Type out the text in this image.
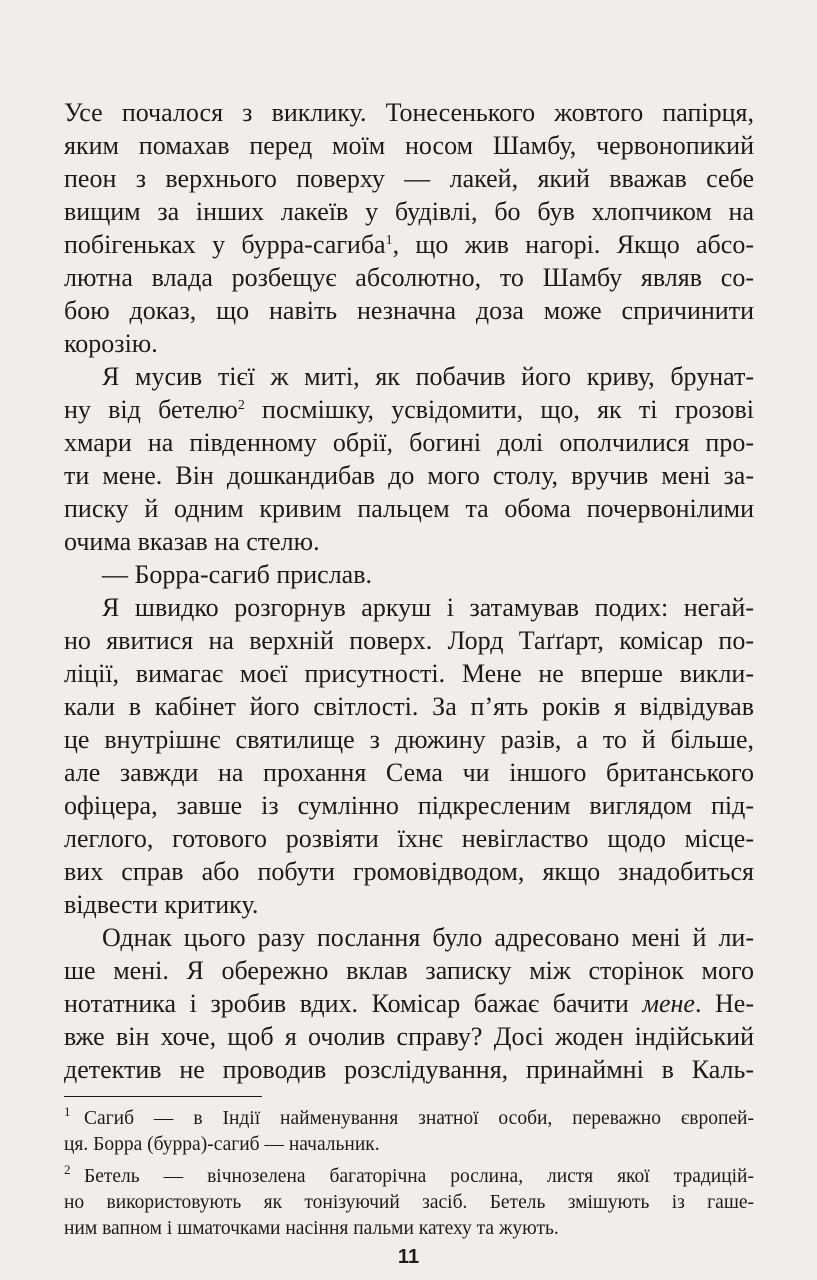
Усе почалося з виклику. Тонесенького жовтого папірця,
яким помахав перед моїм носом Шамбу, червонопикий
пеон з верхнього поверху — лакей, який вважав себе
вищим за інших лакеїв у будівлі, бо був хлопчиком на
побігеньках у бурра-сагиба$^1$, що жив нагорі. Якщо абсо-
лютна влада розбещує абсолютно, то Шамбу являв со-
бою доказ, що навіть незначна доза може спричинити
корозію.
Я мусив тієї ж миті, як побачив його криву, брунат-
ну від бетелю$^2$ посмішку, усвідомити, що, як ті грозові
хмари на південному обрії, богині долі ополчилися про-
ти мене. Він дошкандибав до мого столу, вручив мені за-
писку й одним кривим пальцем та обома почервонілими
очима вказав на стелю.
— Борра-сагиб прислав.
Я швидко розгорнув аркуш і затамував подих: негай-
но явитися на верхній поверх. Лорд Таґґарт, комісар по-
ліції, вимагає моєї присутності. Мене не вперше викли-
кали в кабінет його світлості. За п’ять років я відвідував
це внутрішнє святилище з дюжину разів, а то й більше,
але завжди на прохання Сема чи іншого британського
офіцера, завше із сумлінно підкресленим виглядом під-
леглого, готового розвіяти їхнє невігластво щодо місце-
вих справ або побути громовідводом, якщо знадобиться
відвести критику.
Однак цього разу послання було адресовано мені й ли-
ше мені. Я обережно вклав записку між сторінок мого
нотатника і зробив вдих. Комісар бажає бачити мене. Не-
вже він хоче, щоб я очолив справу? Досі жоден індійський
детектив не проводив розслідування, принаймні в Каль-
1 Сагиб — в Індії найменування знатної особи, переважно європей-
ця. Борра (бурра)-сагиб — начальник.
2 Бетель — вічнозелена багаторічна рослина, листя якої традицій-
но використовують як тонізуючий засіб. Бетель змішують із гаше-
ним вапном і шматочками насіння пальми катеху та жують.
11
